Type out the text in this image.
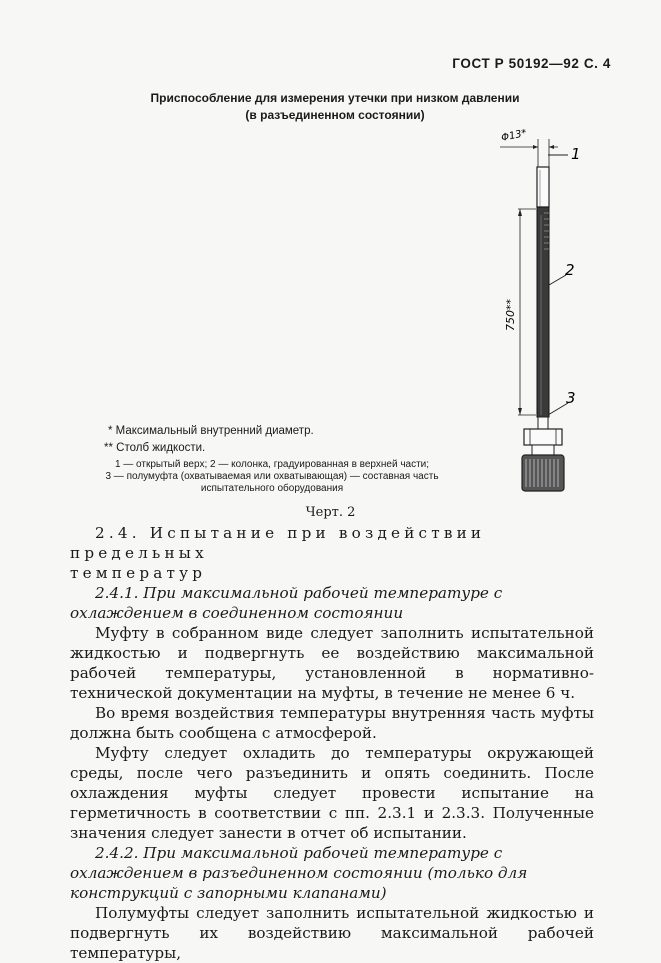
ГОСТ Р 50192—92 С. 4
Приспособление для измерения утечки при низком давлении
(в разъединенном состоянии)
Φ13*
1
750**
2
3
* Максимальный внутренний диаметр.
** Столб жидкости.
1 — открытый верх; 2 — колонка, градуированная в верхней части;
3 — полумуфта (охватываемая или охватывающая) — составная часть
испытательного оборудования
Черт. 2

2.4. Испытание при воздействии предельных

температур

2.4.1. При максимальной рабочей температуре с охлаждением в соединенном состоянии

Муфту в собранном виде следует заполнить испытательной жидкостью и подвергнуть ее воздействию максимальной рабочей температуры, установленной в нормативно-технической документации на муфты, в течение не менее 6 ч.

Во время воздействия температуры внутренняя часть муфты должна быть сообщена с атмосферой.

Муфту следует охладить до температуры окружающей среды, после чего разъединить и опять соединить. После охлаждения муфты следует провести испытание на герметичность в соответствии с пп. 2.3.1 и 2.3.3. Полученные значения следует занести в отчет об испытании.

2.4.2. При максимальной рабочей температуре с охлаждением в разъединенном состоянии (только для конструкций с запорными клапанами)

Полумуфты следует заполнить испытательной жидкостью и подвергнуть их воздействию максимальной рабочей температуры,
